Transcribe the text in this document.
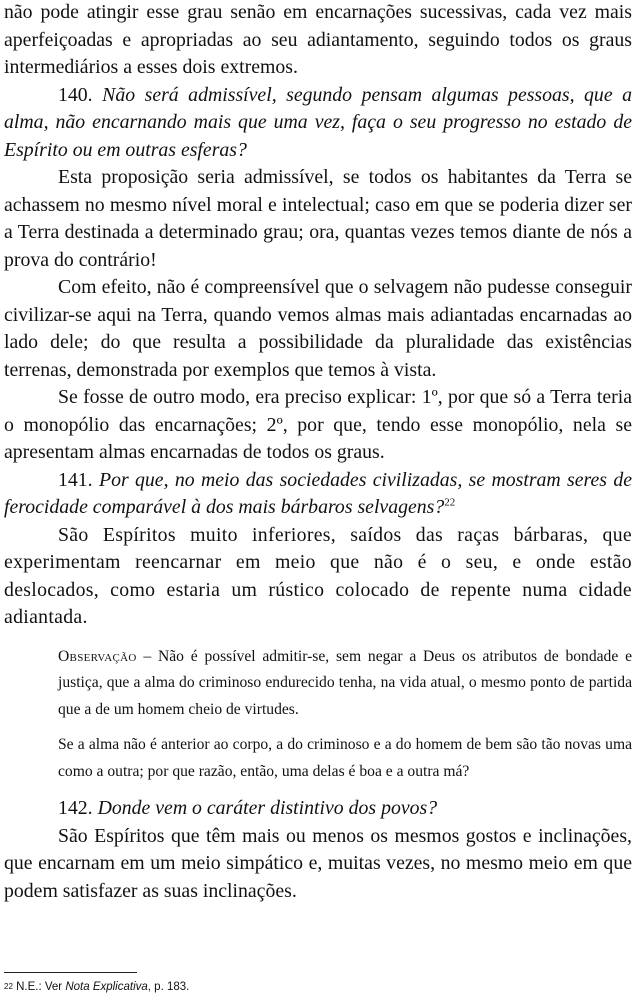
não pode atingir esse grau senão em encarnações sucessivas, cada vez mais aperfeiçoadas e apropriadas ao seu adiantamento, seguindo todos os graus intermediários a esses dois extremos.

140. Não será admissível, segundo pensam algumas pessoas, que a alma, não encarnando mais que uma vez, faça o seu progresso no estado de Espírito ou em outras esferas?

Esta proposição seria admissível, se todos os habitantes da Terra se achassem no mesmo nível moral e intelectual; caso em que se poderia dizer ser a Terra destinada a determinado grau; ora, quantas vezes temos diante de nós a prova do contrário!

Com efeito, não é compreensível que o selvagem não pudesse conseguir civilizar-se aqui na Terra, quando vemos almas mais adiantadas encarnadas ao lado dele; do que resulta a possibilidade da pluralidade das existências terrenas, demonstrada por exemplos que temos à vista.

Se fosse de outro modo, era preciso explicar: 1º, por que só a Terra teria o monopólio das encarnações; 2º, por que, tendo esse monopólio, nela se apresentam almas encarnadas de todos os graus.

141. Por que, no meio das sociedades civilizadas, se mostram seres de ferocidade comparável à dos mais bárbaros selvagens?$^{22}$

São Espíritos muito inferiores, saídos das raças bárbaras, que experimentam reencarnar em meio que não é o seu, e onde estão deslocados, como estaria um rústico colocado de repente numa cidade adiantada.

Observação – Não é possível admitir-se, sem negar a Deus os atributos de bondade e justiça, que a alma do criminoso endurecido tenha, na vida atual, o mesmo ponto de partida que a de um homem cheio de virtudes.

Se a alma não é anterior ao corpo, a do criminoso e a do homem de bem são tão novas uma como a outra; por que razão, então, uma delas é boa e a outra má?

142. Donde vem o caráter distintivo dos povos?

São Espíritos que têm mais ou menos os mesmos gostos e inclinações, que encarnam em um meio simpático e, muitas vezes, no mesmo meio em que podem satisfazer as suas inclinações.

$^{22}$ N.E.: Ver Nota Explicativa, p. 183.
